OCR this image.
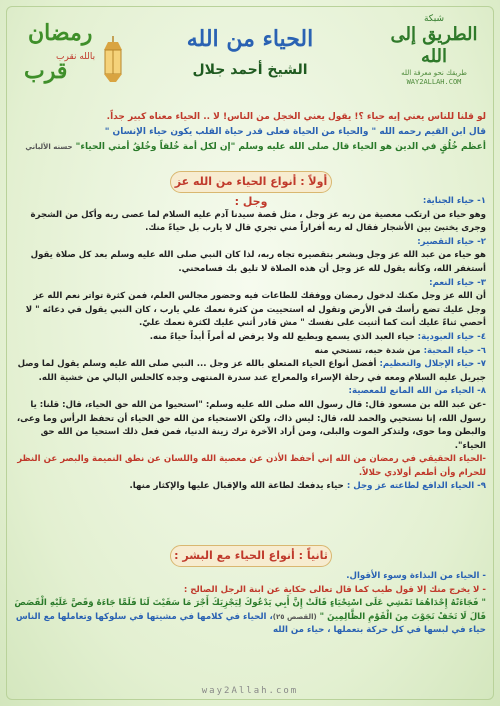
شبكة
الطريق إلى الله
طريقك نحو معرفة الله
WAY2ALLAH.COM
الحياء من الله
الشيخ أحمد جلال
رمضان
بالله نقرب
قرب
لو قلنا للناس يعني إيه حياء ؟! يقول يعني الخجل من الناس! لا .. الحياء معناه كبير جداً.
قال ابن القيم رحمه الله " والحياء من الحياة فعلى قدر حياة القلب يكون حياء الإنسان "
أعظم خُلُقٍ في الدين هو الحياء قال صلى الله عليه وسلم "إن لكل أمة خُلقاً وخُلقُ أمتي الحياء" حسنه الألباني
أولاً : أنواع الحياء من الله عز وجل :	١- حياء الجناية:
وهو حياء من ارتكب معصية من ربه عز وجل ، مثل قصة سيدنا آدم عليه السلام لما عصى ربه وأكل من الشجرة وجرى يختبئ بين الأشجار فقال له ربه أفراراً مني تجري قال لا يارب بل حياءً منك.
٢- حياء التقصير:
هو حياء من عبد الله عز وجل ويشعر بتقصيره تجاه ربه، لذا كان النبي صلى الله عليه وسلم بعد كل صلاة يقول أستغفر الله، وكأنه يقول لله عز وجل أن هذه الصلاة لا تليق بك فسامحني.
٣- حياء النعم:
أن الله عز وجل مكنك لدخول رمضان ووفقك للطاعات فيه وحضور مجالس العلم، فمن كثرة تواتر نعم الله عز وجل عليك تضع رأسك في الأرض وتقول له استحييت من كثرة نعمك علي يارب ، كان النبي يقول في دعائه " لا أحصي ثناءً عليك أنت كما أثنيت على نفسك " مش قادر أثني عليك لكثرة نعمك عليّ.
٤- حياء العبودية: حياء العبد الذي يسمع ويطيع لله ولا يرفض له أمراً أبداً حياءً منه.
٦- حياء المحبة: من شدة حبه، تستحي منه
٧- حياء الإجلال والتعظيم: أفضل أنواع الحياء المتعلق بالله عز وجل ... النبي صلى الله عليه وسلم يقول لما وصل جبريل عليه السلام ومعه في رحلة الإسراء والمعراج عند سدرة المنتهى وجده كالحلس البالي من خشية الله.
٨- الحياء من الله المانع للمعصية:
-عن عبد الله بن مسعود قال: قال رسول الله صلى الله عليه وسلم: "استحيوا من الله حق الحياء، قال: قلنا: يا رسول الله، إنا نستحيي والحمد لله، قال: ليس ذاك، ولكن الاستحياء من الله حق الحياء أن تحفظ الرأس وما وعى، والبطن وما حوى، ولتذكر الموت والبلى، ومن أراد الآخرة ترك زينة الدنيا، فمن فعل ذلك استحيا من الله حق الحياء".
-الحياء الحقيقي في رمضان من الله إني أحفظ الأذن عن معصية الله واللسان عن نطق النميمة والبصر عن النظر للحرام وأن أطعم أولادي حلالاً.
٩- الحياء الدافع لطاعته عز وجل : حياء يدفعك لطاعة الله والإقبال عليها والإكثار منها.
ثانياً : أنواع الحياء مع البشر :
- الحياء من البذاءة وسوء الأقوال.
- لا يخرج منك إلا قول طيب كما قال تعالى حكاية عن ابنة الرجل الصالح :
" فَجَاءَتْهُ إِحْدَاهُمَا تَمْشِي عَلَى اسْتِحْيَاءٍ قَالَتْ إِنَّ أَبِي يَدْعُوكَ لِيَجْزِيَكَ أَجْرَ مَا سَقَيْتَ لَنَا فَلَمَّا جَاءَهُ وَقَصَّ عَلَيْهِ الْقَصَصَ قَالَ لَا تَخَفْ نَجَوْتَ مِنَ الْقَوْمِ الظَّالِمِينَ " (القصص ٢٥)، الحياء في كلامها في مشيتها في سلوكها وتعاملها مع الناس حياء في لبسها في كل حركة بتعملها ، حياء من الله
way2Allah.com
